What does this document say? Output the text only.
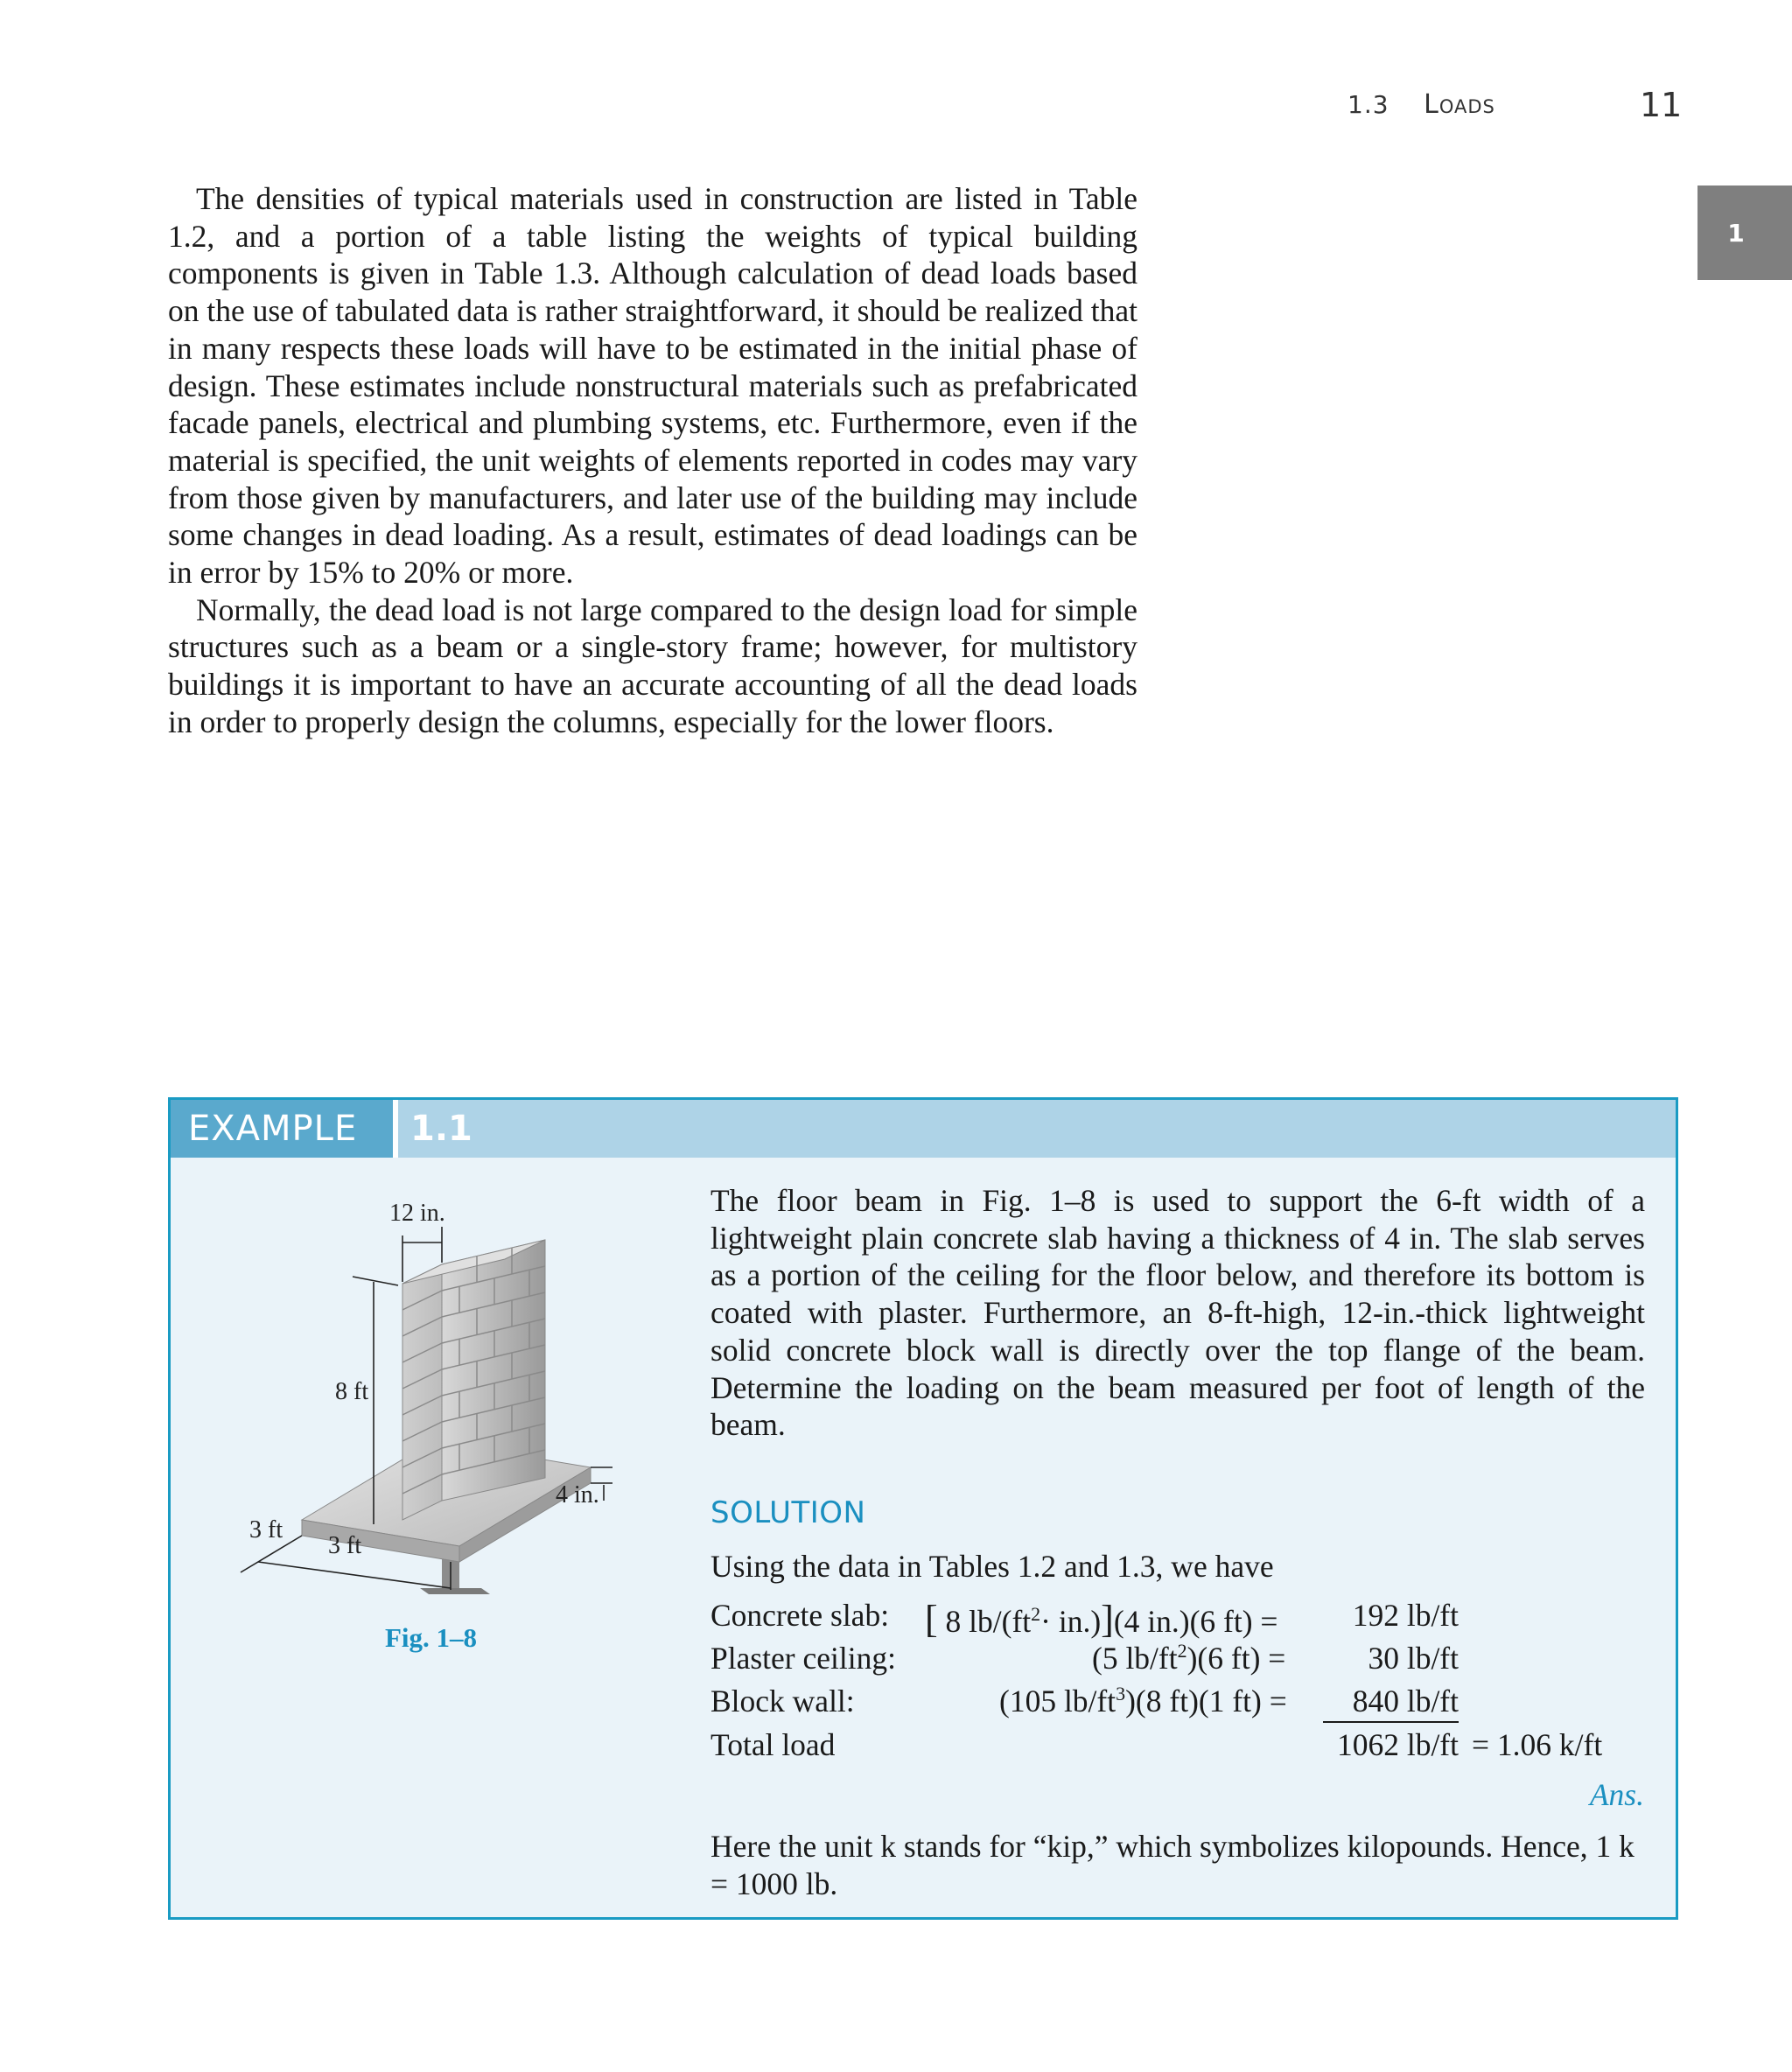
1.3 Loads	11
1

The densities of typical materials used in construction are listed in Table 1.2, and a portion of a table listing the weights of typical building components is given in Table 1.3. Although calculation of dead loads based on the use of tabulated data is rather straightforward, it should be realized that in many respects these loads will have to be estimated in the initial phase of design. These estimates include nonstructural materials such as prefabricated facade panels, electrical and plumbing systems, etc. Furthermore, even if the material is specified, the unit weights of elements reported in codes may vary from those given by manufacturers, and later use of the building may include some changes in dead loading. As a result, estimates of dead loadings can be in error by 15% to 20% or more.

Normally, the dead load is not large compared to the design load for simple structures such as a beam or a single-story frame; however, for multistory buildings it is important to have an accurate accounting of all the dead loads in order to properly design the columns, especially for the lower floors.

EXAMPLE	1.1
12 in.
8 ft
4 in.
3 ft
3 ft
Fig. 1–8

The floor beam in Fig. 1–8 is used to support the 6-ft width of a lightweight plain concrete slab having a thickness of 4 in. The slab serves as a portion of the ceiling for the floor below, and therefore its bottom is coated with plaster. Furthermore, an 8-ft-high, 12-in.-thick lightweight solid concrete block wall is directly over the top flange of the beam. Determine the loading on the beam measured per foot of length of the beam.

SOLUTION
Using the data in Tables 1.2 and 1.3, we have
Concrete slab: [ 8 $lb/(ft^2\cdot in.)](4$ in.)(6 ft) =	192 lb/ft
Plaster ceiling:	(5 $lb/ft^2)(6$ ft) =	30 lb/ft
Block wall:	(105 $lb/ft^3)(8$ ft)(1 ft) =	840 lb/ft
Total load	1062 lb/ft = 1.06 k/ft
Ans.

Here the unit k stands for “kip,” which symbolizes kilopounds. Hence, 1 k = 1000 lb.
